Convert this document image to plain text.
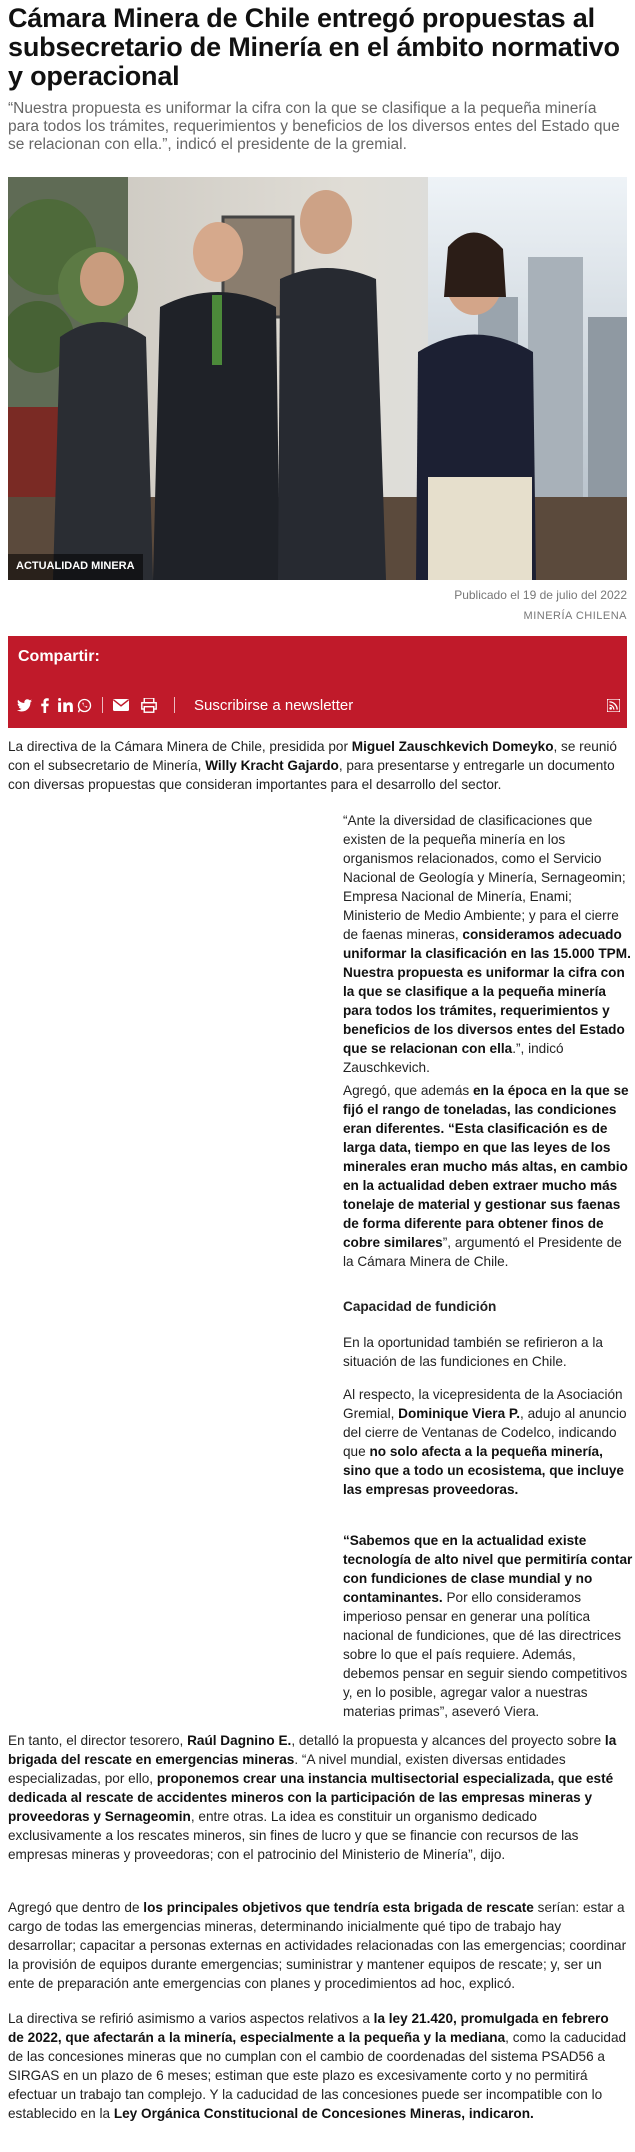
Cámara Minera de Chile entregó propuestas al subsecretario de Minería en el ámbito normativo y operacional

“Nuestra propuesta es uniformar la cifra con la que se clasifique a la pequeña minería para todos los trámites, requerimientos y beneficios de los diversos entes del Estado que se relacionan con ella.”, indicó el presidente de la gremial.

ACTUALIDAD MINERA
Publicado el 19 de julio del 2022
MINERÍA CHILENA
Compartir:
Suscribirse a newsletter

La directiva de la Cámara Minera de Chile, presidida por Miguel Zauschkevich Domeyko, se reunió con el subsecretario de Minería, Willy Kracht Gajardo, para presentarse y entregarle un documento con diversas propuestas que consideran importantes para el desarrollo del sector.

“Ante la diversidad de clasificaciones que existen de la pequeña minería en los organismos relacionados, como el Servicio Nacional de Geología y Minería, Sernageomin; Empresa Nacional de Minería, Enami; Ministerio de Medio Ambiente; y para el cierre de faenas mineras, consideramos adecuado uniformar la clasificación en las 15.000 TPM. Nuestra propuesta es uniformar la cifra con la que se clasifique a la pequeña minería para todos los trámites, requerimientos y beneficios de los diversos entes del Estado que se relacionan con ella.”, indicó Zauschkevich.

Agregó, que además en la época en la que se fijó el rango de toneladas, las condiciones eran diferentes. “Esta clasificación es de larga data, tiempo en que las leyes de los minerales eran mucho más altas, en cambio en la actualidad deben extraer mucho más tonelaje de material y gestionar sus faenas de forma diferente para obtener finos de cobre similares”, argumentó el Presidente de la Cámara Minera de Chile.

Capacidad de fundición

En la oportunidad también se refirieron a la situación de las fundiciones en Chile.

Al respecto, la vicepresidenta de la Asociación Gremial, Dominique Viera P., adujo al anuncio del cierre de Ventanas de Codelco, indicando que no solo afecta a la pequeña minería, sino que a todo un ecosistema, que incluye las empresas proveedoras.

“Sabemos que en la actualidad existe tecnología de alto nivel que permitiría contar con fundiciones de clase mundial y no contaminantes. Por ello consideramos imperioso pensar en generar una política nacional de fundiciones, que dé las directrices sobre lo que el país requiere. Además, debemos pensar en seguir siendo competitivos y, en lo posible, agregar valor a nuestras materias primas”, aseveró Viera.

En tanto, el director tesorero, Raúl Dagnino E., detalló la propuesta y alcances del proyecto sobre la brigada del rescate en emergencias mineras. “A nivel mundial, existen diversas entidades especializadas, por ello, proponemos crear una instancia multisectorial especializada, que esté dedicada al rescate de accidentes mineros con la participación de las empresas mineras y proveedoras y Sernageomin, entre otras. La idea es constituir un organismo dedicado exclusivamente a los rescates mineros, sin fines de lucro y que se financie con recursos de las empresas mineras y proveedoras; con el patrocinio del Ministerio de Minería”, dijo.

Agregó que dentro de los principales objetivos que tendría esta brigada de rescate serían: estar a cargo de todas las emergencias mineras, determinando inicialmente qué tipo de trabajo hay desarrollar; capacitar a personas externas en actividades relacionadas con las emergencias; coordinar la provisión de equipos durante emergencias; suministrar y mantener equipos de rescate; y, ser un ente de preparación ante emergencias con planes y procedimientos ad hoc, explicó.

La directiva se refirió asimismo a varios aspectos relativos a la ley 21.420, promulgada en febrero de 2022, que afectarán a la minería, especialmente a la pequeña y la mediana, como la caducidad de las concesiones mineras que no cumplan con el cambio de coordenadas del sistema PSAD56 a SIRGAS en un plazo de 6 meses; estiman que este plazo es excesivamente corto y no permitirá efectuar un trabajo tan complejo. Y la caducidad de las concesiones puede ser incompatible con lo establecido en la Ley Orgánica Constitucional de Concesiones Mineras, indicaron.
